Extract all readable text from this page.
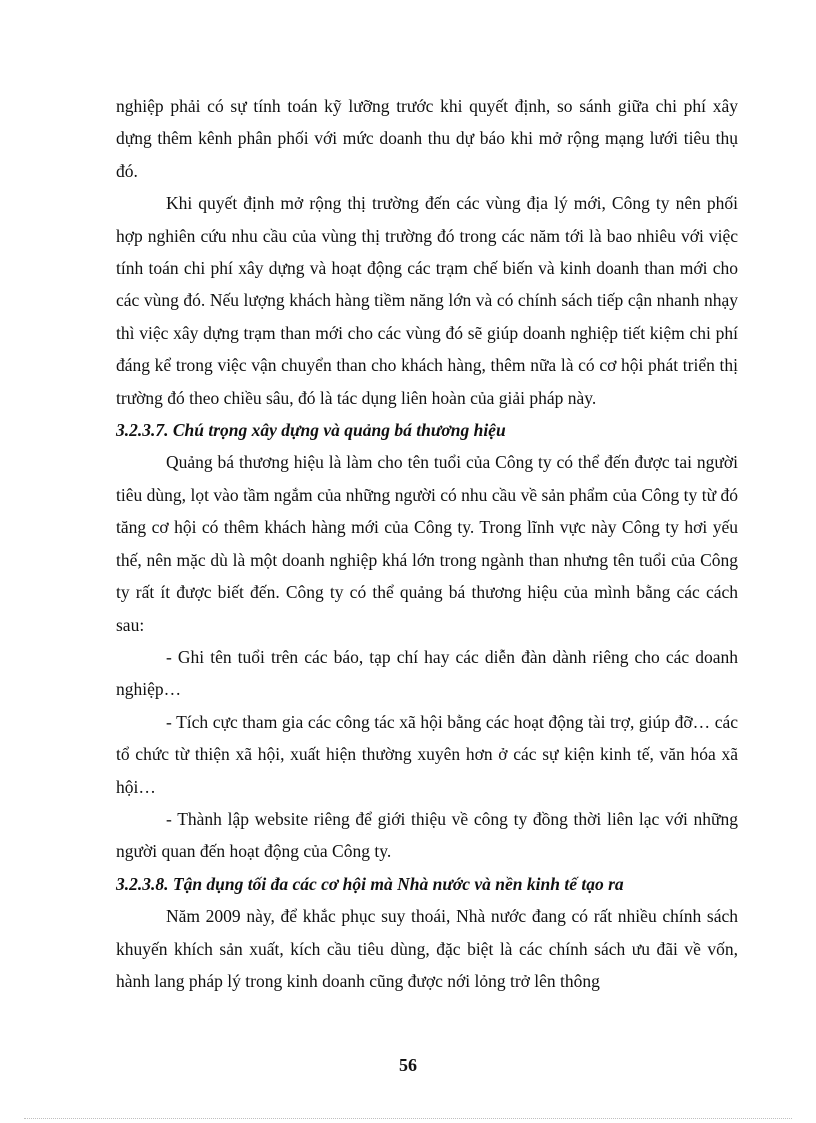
nghiệp phải có sự tính toán kỹ lưỡng trước khi quyết định, so sánh giữa chi phí xây dựng thêm kênh phân phối với mức doanh thu dự báo khi mở rộng mạng lưới tiêu thụ đó.

Khi quyết định mở rộng thị trường đến các vùng địa lý mới, Công ty nên phối hợp nghiên cứu nhu cầu của vùng thị trường đó trong các năm tới là bao nhiêu với việc tính toán chi phí xây dựng và hoạt động các trạm chế biến và kinh doanh than mới cho các vùng đó. Nếu lượng khách hàng tiềm năng lớn và có chính sách tiếp cận nhanh nhạy thì việc xây dựng trạm than mới cho các vùng đó sẽ giúp doanh nghiệp tiết kiệm chi phí đáng kể trong việc vận chuyển than cho khách hàng, thêm nữa là có cơ hội phát triển thị trường đó theo chiều sâu, đó là tác dụng liên hoàn của giải pháp này.

3.2.3.7. Chú trọng xây dựng và quảng bá thương hiệu

Quảng bá thương hiệu là làm cho tên tuổi của Công ty có thể đến được tai người tiêu dùng, lọt vào tầm ngắm của những người có nhu cầu về sản phẩm của Công ty từ đó tăng cơ hội có thêm khách hàng mới của Công ty. Trong lĩnh vực này Công ty hơi yếu thế, nên mặc dù là một doanh nghiệp khá lớn trong ngành than nhưng tên tuổi của Công ty rất ít được biết đến. Công ty có thể quảng bá thương hiệu của mình bằng các cách sau:

- Ghi tên tuổi trên các báo, tạp chí hay các diễn đàn dành riêng cho các doanh nghiệp…

- Tích cực tham gia các công tác xã hội bằng các hoạt động tài trợ, giúp đỡ… các tổ chức từ thiện xã hội, xuất hiện thường xuyên hơn ở các sự kiện kinh tế, văn hóa xã hội…

- Thành lập website riêng để giới thiệu về công ty đồng thời liên lạc với những người quan đến hoạt động của Công ty.

3.2.3.8. Tận dụng tối đa các cơ hội mà Nhà nước và nền kinh tế tạo ra

Năm 2009 này, để khắc phục suy thoái, Nhà nước đang có rất nhiều chính sách khuyến khích sản xuất, kích cầu tiêu dùng, đặc biệt là các chính sách ưu đãi về vốn, hành lang pháp lý trong kinh doanh cũng được nới lỏng trở lên thông

56
